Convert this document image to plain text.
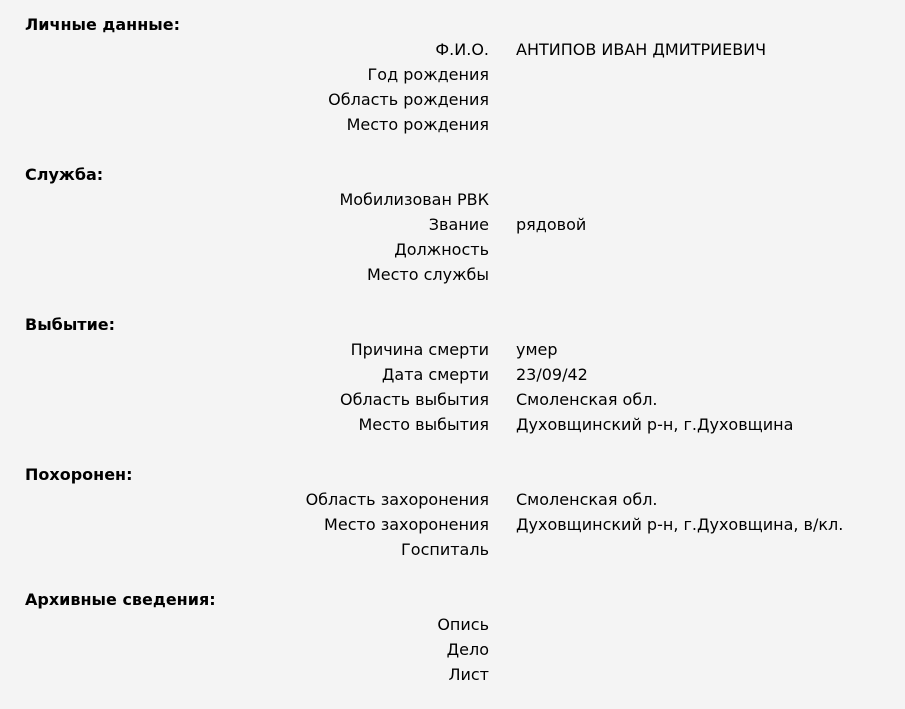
Личные данные:
Ф.И.О.	АНТИПОВ ИВАН ДМИТРИЕВИЧ
Год рождения
Область рождения
Место рождения
Служба:
Мобилизован РВК
Звание	рядовой
Должность
Место службы
Выбытие:
Причина смерти	умер
Дата смерти	23/09/42
Область выбытия	Смоленская обл.
Место выбытия	Духовщинский р-н, г.Духовщина
Похоронен:
Область захоронения	Смоленская обл.
Место захоронения	Духовщинский р-н, г.Духовщина, в/кл.
Госпиталь
Архивные сведения:
Опись
Дело
Лист
